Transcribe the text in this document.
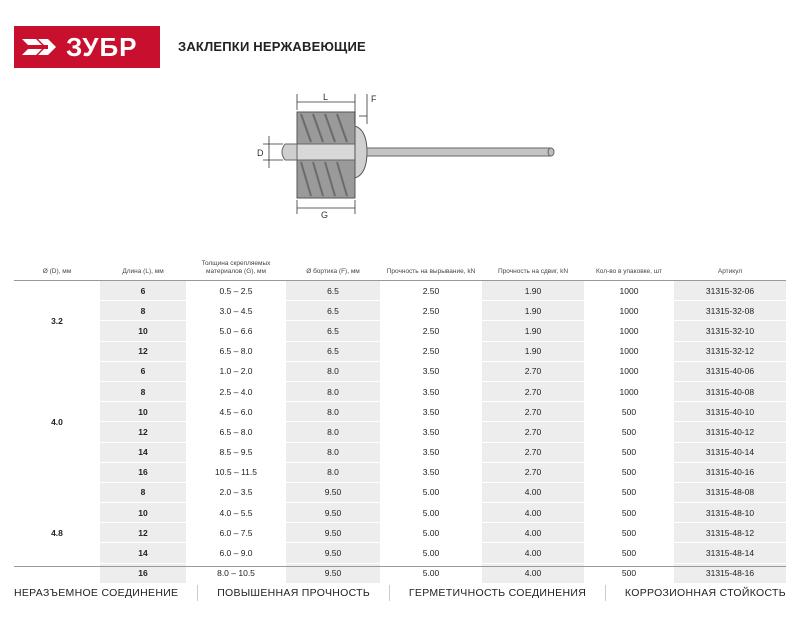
ЗУБР	ЗАКЛЕПКИ НЕРЖАВЕЮЩИЕ
L	F
D
G
Ø (D), мм	Длина (L), мм	Толщина скрепляемых материалов (G), мм	Ø бортика (F), мм	Прочность на вырывание, kN	Прочность на сдвиг, kN	Кол-во в упаковке, шт	Артикул
3.2	6	0.5 – 2.5	6.5	2.50	1.90	1000	31315-32-06
	8	3.0 – 4.5	6.5	2.50	1.90	1000	31315-32-08
	10	5.0 – 6.6	6.5	2.50	1.90	1000	31315-32-10
	12	6.5 – 8.0	6.5	2.50	1.90	1000	31315-32-12
4.0	6	1.0 – 2.0	8.0	3.50	2.70	1000	31315-40-06
	8	2.5 – 4.0	8.0	3.50	2.70	1000	31315-40-08
	10	4.5 – 6.0	8.0	3.50	2.70	500	31315-40-10
	12	6.5 – 8.0	8.0	3.50	2.70	500	31315-40-12
	14	8.5 – 9.5	8.0	3.50	2.70	500	31315-40-14
	16	10.5 – 11.5	8.0	3.50	2.70	500	31315-40-16
4.8	8	2.0 – 3.5	9.50	5.00	4.00	500	31315-48-08
	10	4.0 – 5.5	9.50	5.00	4.00	500	31315-48-10
	12	6.0 – 7.5	9.50	5.00	4.00	500	31315-48-12
	14	6.0 – 9.0	9.50	5.00	4.00	500	31315-48-14
	16	8.0 – 10.5	9.50	5.00	4.00	500	31315-48-16
НЕРАЗЪЕМНОЕ СОЕДИНЕНИЕ	ПОВЫШЕННАЯ ПРОЧНОСТЬ	ГЕРМЕТИЧНОСТЬ СОЕДИНЕНИЯ	КОРРОЗИОННАЯ СТОЙКОСТЬ
